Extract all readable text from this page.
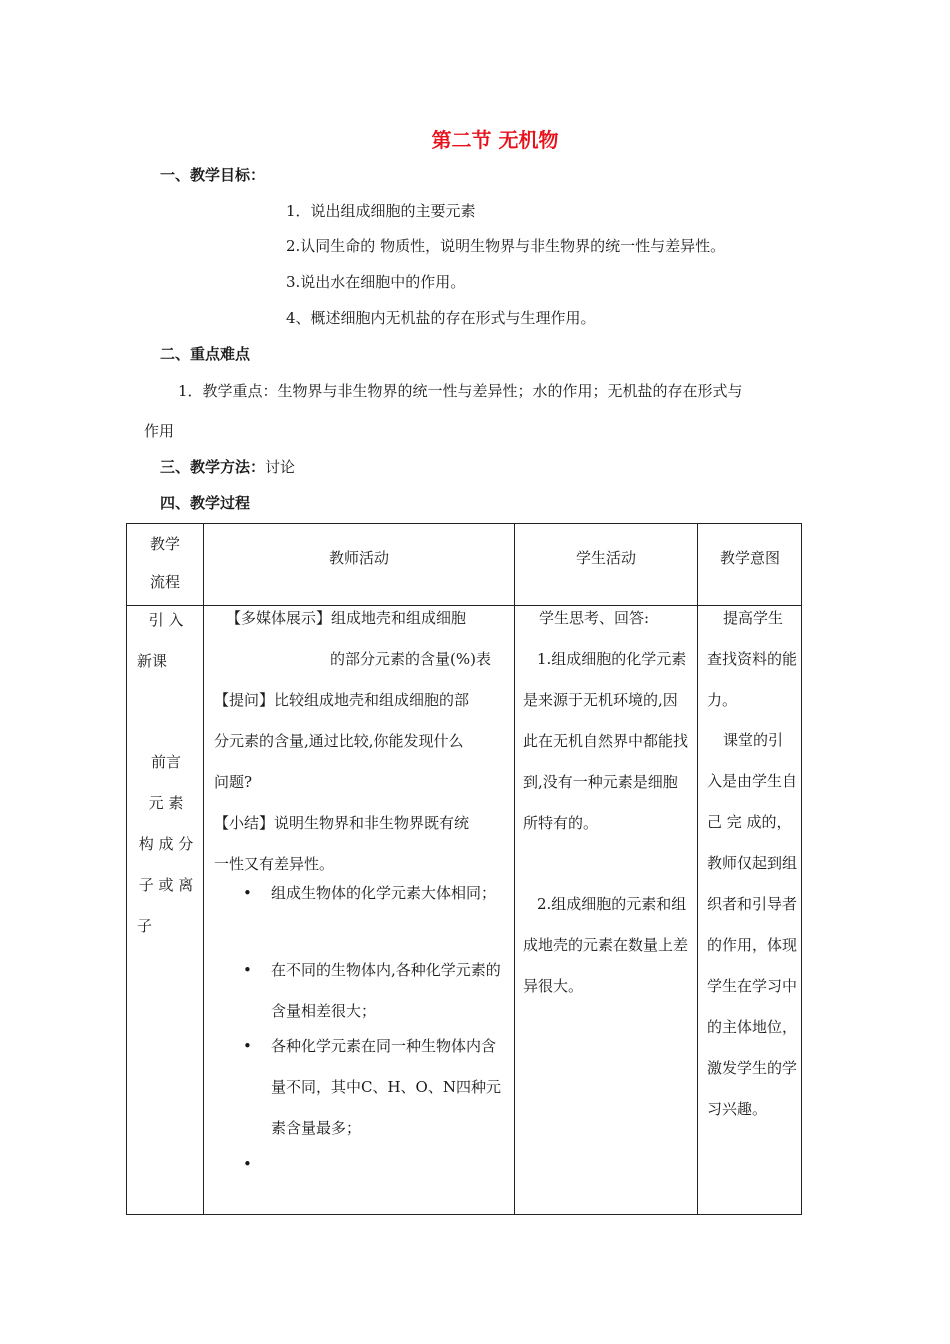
第二节 无机物
一、教学目标：
1．说出组成细胞的主要元素
2.认同生命的 物质性，说明生物界与非生物界的统一性与差异性。
3.说出水在细胞中的作用。
4、概述细胞内无机盐的存在形式与生理作用。
二、重点难点
1．教学重点：生物界与非生物界的统一性与差异性；水的作用；无机盐的存在形式与
作用
三、教学方法：讨论
四、教学过程
教学
流程
教师活动	学生活动	教学意图
引 入
新课
前言
元 素
构 成 分
子 或 离
子
【多媒体展示】组成地壳和组成细胞
的部分元素的含量(%)表
【提问】比较组成地壳和组成细胞的部
分元素的含量,通过比较,你能发现什么
问题?
【小结】说明生物界和非生物界既有统
一性又有差异性。
• 组成生物体的化学元素大体相同；
• 在不同的生物体内,各种化学元素的含量相差很大；
• 各种化学元素在同一种生物体内含量不同，其中C、H、O、N四种元素含量最多；
•
学生思考、回答:
1.组成细胞的化学元素是来源于无机环境的,因此在无机自然界中都能找到,没有一种元素是细胞所特有的。
2.组成细胞的元素和组成地壳的元素在数量上差异很大。
提高学生查找资料的能力。
课堂的引入是由学生自 己 完 成的，教师仅起到组织者和引导者的作用，体现学生在学习中的主体地位，激发学生的学习兴趣。
